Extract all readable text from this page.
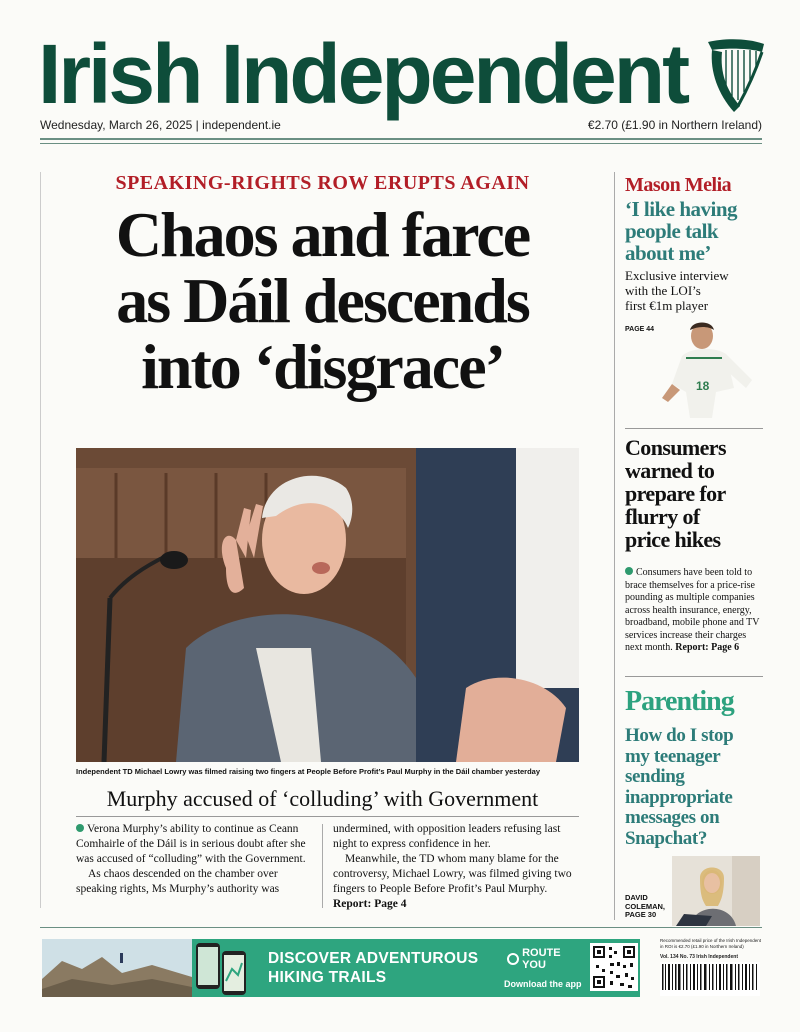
Irish Independent
Wednesday, March 26, 2025 | independent.ie	€2.70 (£1.90 in Northern Ireland)
SPEAKING-RIGHTS ROW ERUPTS AGAIN
Chaos and farce
as Dáil descends
into ‘disgrace’
Independent TD Michael Lowry was filmed raising two fingers at People Before Profit’s Paul Murphy in the Dáil chamber yesterday
Murphy accused of ‘colluding’ with Government

Verona Murphy’s ability to continue as Ceann Comhairle of the Dáil is in serious doubt after she was accused of “colluding” with the Government.

As chaos descended on the chamber over speaking rights, Ms Murphy’s authority was

undermined, with opposition leaders refusing last night to express confidence in her.

Meanwhile, the TD whom many blame for the controversy, Michael Lowry, was filmed giving two fingers to People Before Profit’s Paul Murphy. Report: Page 4

Mason Melia
‘I like having
people talk
about me’
Exclusive interview
with the LOI’s
first €1m player
PAGE 44
18
Consumers
warned to
prepare for
flurry of
price hikes
Consumers have been told to brace themselves for a price-rise pounding as multiple companies across health insurance, energy, broadband, mobile phone and TV services increase their charges next month. Report: Page 6
Parenting
How do I stop
my teenager
sending
inappropriate
messages on
Snapchat?
DAVID
COLEMAN,
PAGE 30
DISCOVER ADVENTUROUS
HIKING TRAILS

ROUTE
YOU
Download the app
Recommended retail price of the Irish Independent in ROI is €2.70 (£1.90 in Northern Ireland)
Vol. 134 No. 73 Irish Independent
